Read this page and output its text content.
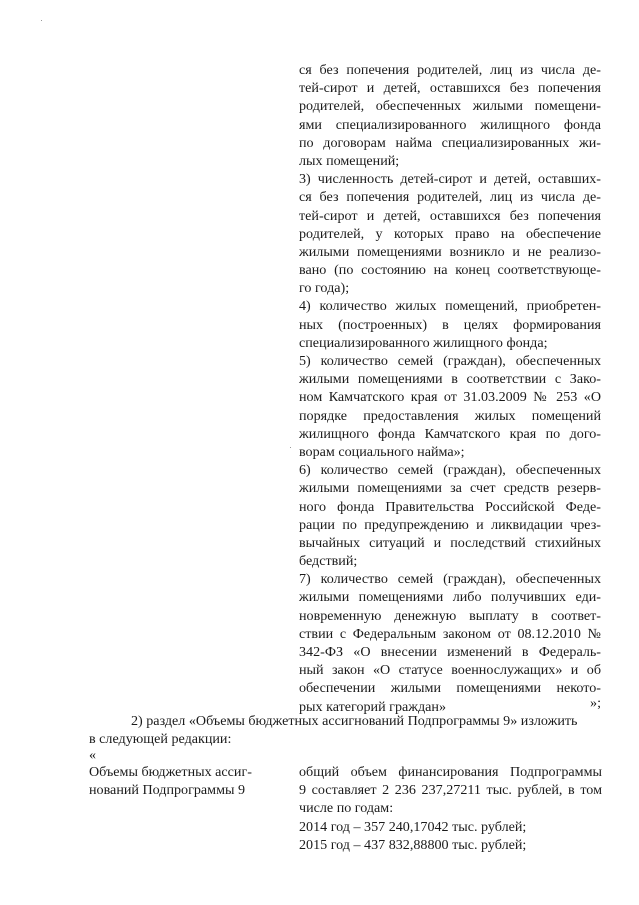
ся без попечения родителей, лиц из числа де-
тей-сирот и детей, оставшихся без попечения
родителей, обеспеченных жилыми помещени-
ями специализированного жилищного фонда
по договорам найма специализированных жи-
лых помещений;
3) численность детей-сирот и детей, оставших-
ся без попечения родителей, лиц из числа де-
тей-сирот и детей, оставшихся без попечения
родителей, у которых право на обеспечение
жилыми помещениями возникло и не реализо-
вано (по состоянию на конец соответствующе-
го года);
4) количество жилых помещений, приобретен-
ных (построенных) в целях формирования
специализированного жилищного фонда;
5) количество семей (граждан), обеспеченных
жилыми помещениями в соответствии с Зако-
ном Камчатского края от 31.03.2009 № 253 «О
порядке предоставления жилых помещений
жилищного фонда Камчатского края по дого-
ворам социального найма»;
6) количество семей (граждан), обеспеченных
жилыми помещениями за счет средств резерв-
ного фонда Правительства Российской Феде-
рации по предупреждению и ликвидации чрез-
вычайных ситуаций и последствий стихийных
бедствий;
7) количество семей (граждан), обеспеченных
жилыми помещениями либо получивших еди-
новременную денежную выплату в соответ-
ствии с Федеральным законом от 08.12.2010 №
342-ФЗ «О внесении изменений в Федераль-
ный закон «О статусе военнослужащих» и об
обеспечении жилыми помещениями некото-
рых категорий граждан»	»;
2) раздел «Объемы бюджетных ассигнований Подпрограммы 9» изложить
в следующей редакции:
«
Объемы бюджетных ассиг-
нований Подпрограммы 9
общий объем финансирования Подпрограммы
9 составляет 2 236 237,27211 тыс. рублей, в том
числе по годам:
2014 год – 357 240,17042 тыс. рублей;
2015 год – 437 832,88800 тыс. рублей;
